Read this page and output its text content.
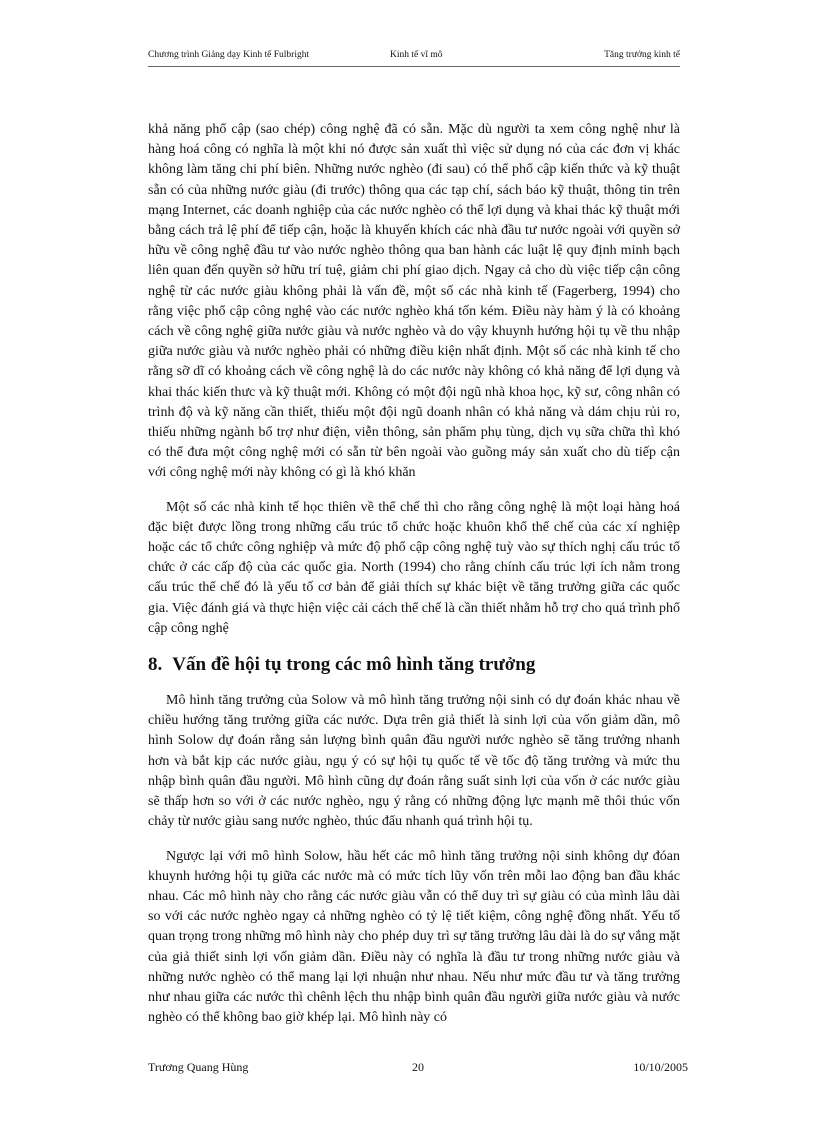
Chương trình Giảng dạy Kinh tế Fulbright	Kinh tế vĩ mô	Tăng trưởng kinh tế

khả năng phổ cập (sao chép) công nghệ đã có sẵn. Mặc dù người ta xem công nghệ như là hàng hoá công có nghĩa là một khi nó được sản xuất thì việc sử dụng nó của các đơn vị khác không làm tăng chi phí biên. Những nước nghèo (đi sau) có thể phổ cập kiến thức và kỹ thuật sẵn có của những nước giàu (đi trước) thông qua các tạp chí, sách báo kỹ thuật, thông tin trên mạng Internet, các doanh nghiệp của các nước nghèo có thể lợi dụng và khai thác kỹ thuật mới bằng cách trả lệ phí để tiếp cận, hoặc là khuyến khích các nhà đầu tư nước ngoài với quyền sở hữu về công nghệ đầu tư vào nước nghèo thông qua ban hành các luật lệ quy định minh bạch liên quan đến quyền sở hữu trí tuệ, giảm chi phí giao dịch. Ngay cả cho dù việc tiếp cận công nghệ từ các nước giàu không phải là vấn đề, một số các nhà kinh tế (Fagerberg, 1994) cho rằng việc phổ cập công nghệ vào các nước nghèo khá tốn kém. Điều này hàm ý là có khoảng cách về công nghệ giữa nước giàu và nước nghèo và do vậy khuynh hướng hội tụ về thu nhập giữa nước giàu và nước nghèo phải có những điều kiện nhất định. Một số các nhà kinh tế cho rằng sỡ dĩ có khoảng cách về công nghệ là do các nước này không có khả năng để lợi dụng và khai thác kiến thưc và kỹ thuật mới. Không có một đội ngũ nhà khoa học, kỹ sư, công nhân có trình độ và kỹ năng cần thiết, thiếu một đội ngũ doanh nhân có khả năng và dám chịu rủi ro, thiếu những ngành bổ trợ như điện, viễn thông, sản phẩm phụ tùng, dịch vụ sữa chữa thì khó có thể đưa một công nghệ mới có sẵn từ bên ngoài vào guồng máy sản xuất cho dù tiếp cận với công nghệ mới này không có gì là khó khăn

Một số các nhà kinh tế học thiên về thể chế thì cho rằng công nghệ là một loại hàng hoá đặc biệt được lồng trong những cấu trúc tổ chức hoặc khuôn khổ thể chế của các xí nghiệp hoặc các tổ chức công nghiệp và mức độ phổ cập công nghệ tuỳ vào sự thích nghị cấu trúc tổ chức ở các cấp độ của các quốc gia. North (1994) cho rằng chính cấu trúc lợi ích nằm trong cấu trúc thể chế đó là yếu tố cơ bản để giải thích sự khác biệt về tăng trưởng giữa các quốc gia. Việc đánh giá và thực hiện việc cải cách thể chế là cần thiết nhằm hỗ trợ cho quá trình phổ cập công nghệ

8. Vấn đề hội tụ trong các mô hình tăng trưởng

Mô hình tăng trưởng của Solow và mô hình tăng trưởng nội sinh có dự đoán khác nhau về chiều hướng tăng trưởng giữa các nước. Dựa trên giả thiết là sinh lợi của vốn giảm dần, mô hình Solow dự đoán rằng sản lượng bình quân đầu người nước nghèo sẽ tăng trưởng nhanh hơn và bắt kịp các nước giàu, ngụ ý có sự hội tụ quốc tế về tốc độ tăng trưởng và mức thu nhập bình quân đầu người. Mô hình cũng dự đoán rằng suất sinh lợi của vốn ở các nước giàu sẽ thấp hơn so với ở các nước nghèo, ngụ ý rằng có những động lực mạnh mẽ thôi thúc vốn chảy từ nước giàu sang nước nghèo, thúc đẩu nhanh quá trình hội tụ.

Ngược lại với mô hình Solow, hầu hết các mô hình tăng trưởng nội sinh không dự đóan khuynh hướng hội tụ giữa các nước mà có mức tích lũy vốn trên mỗi lao động ban đầu khác nhau. Các mô hình này cho rằng các nước giàu vẫn có thể duy trì sự giàu có của mình lâu dài so với các nước nghèo ngay cả những nghèo có tỷ lệ tiết kiệm, công nghệ đồng nhất. Yếu tố quan trọng trong những mô hình này cho phép duy trì sự tăng trưởng lâu dài là do sự vắng mặt của giả thiết sinh lợi vốn giảm dần. Điều này có nghĩa là đầu tư trong những nước giàu và những nước nghèo có thể mang lại lợi nhuận như nhau. Nếu như mức đầu tư và tăng trưởng như nhau giữa các nước thì chênh lệch thu nhập bình quân đầu người giữa nước giàu và nước nghèo có thể không bao giờ khép lại. Mô hình này có

Trương Quang Hùng	20	10/10/2005
